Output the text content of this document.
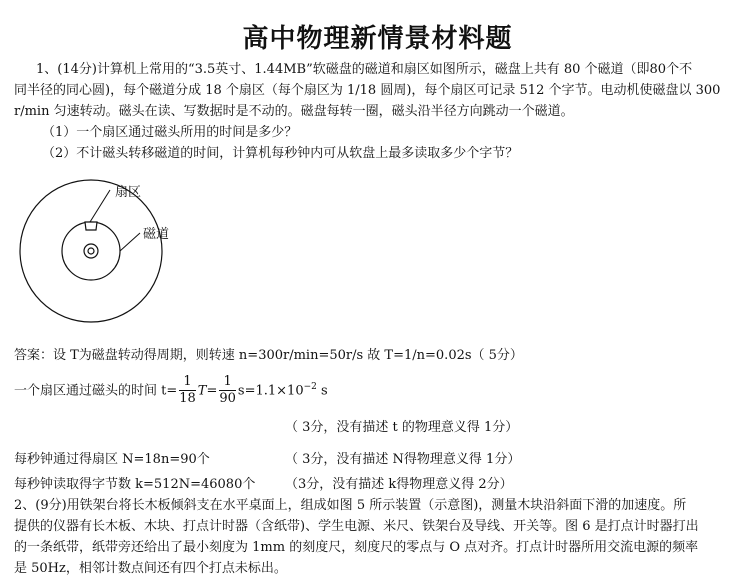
高中物理新情景材料题
1、(14分)计算机上常用的“3.5英寸、1.44MB”软磁盘的磁道和扇区如图所示，磁盘上共有 80 个磁道（即80个不
同半径的同心圆)，每个磁道分成 18 个扇区（每个扇区为 1/18 圆周)，每个扇区可记录 512 个字节。电动机使磁盘以 300
r/min 匀速转动。磁头在读、写数据时是不动的。磁盘每转一圈，磁头沿半径方向跳动一个磁道。
（1）一个扇区通过磁头所用的时间是多少？
（2）不计磁头转移磁道的时间，计算机每秒钟内可从软盘上最多读取多少个字节？
扇区
磁道
答案：设 T为磁盘转动得周期，则转速 n=300r/min=50r/s 故 T=1/n=0.02s（ 5分）
一个扇区通过磁头的时间 $t= \frac{1}{18} T= \frac{1}{90} s=1.1\times 10^{-2}$ s
（ 3分，没有描述 t 的物理意义得 1分）
每秒钟通过得扇区 N=18n=90个	（ 3分，没有描述 N得物理意义得 1分）
每秒钟读取得字节数 k=512N=46080个 （3分，没有描述 k得物理意义得 2分）
2、(9分)用铁架台将长木板倾斜支在水平桌面上，组成如图 5 所示装置（示意图)，测量木块沿斜面下滑的加速度。所
提供的仪器有长木板、木块、打点计时器（含纸带)、学生电源、米尺、铁架台及导线、开关等。图 6 是打点计时器打出
的一条纸带，纸带旁还给出了最小刻度为 1mm 的刻度尺，刻度尺的零点与 O 点对齐。打点计时器所用交流电源的频率
是 50Hz，相邻计数点间还有四个打点未标出。
